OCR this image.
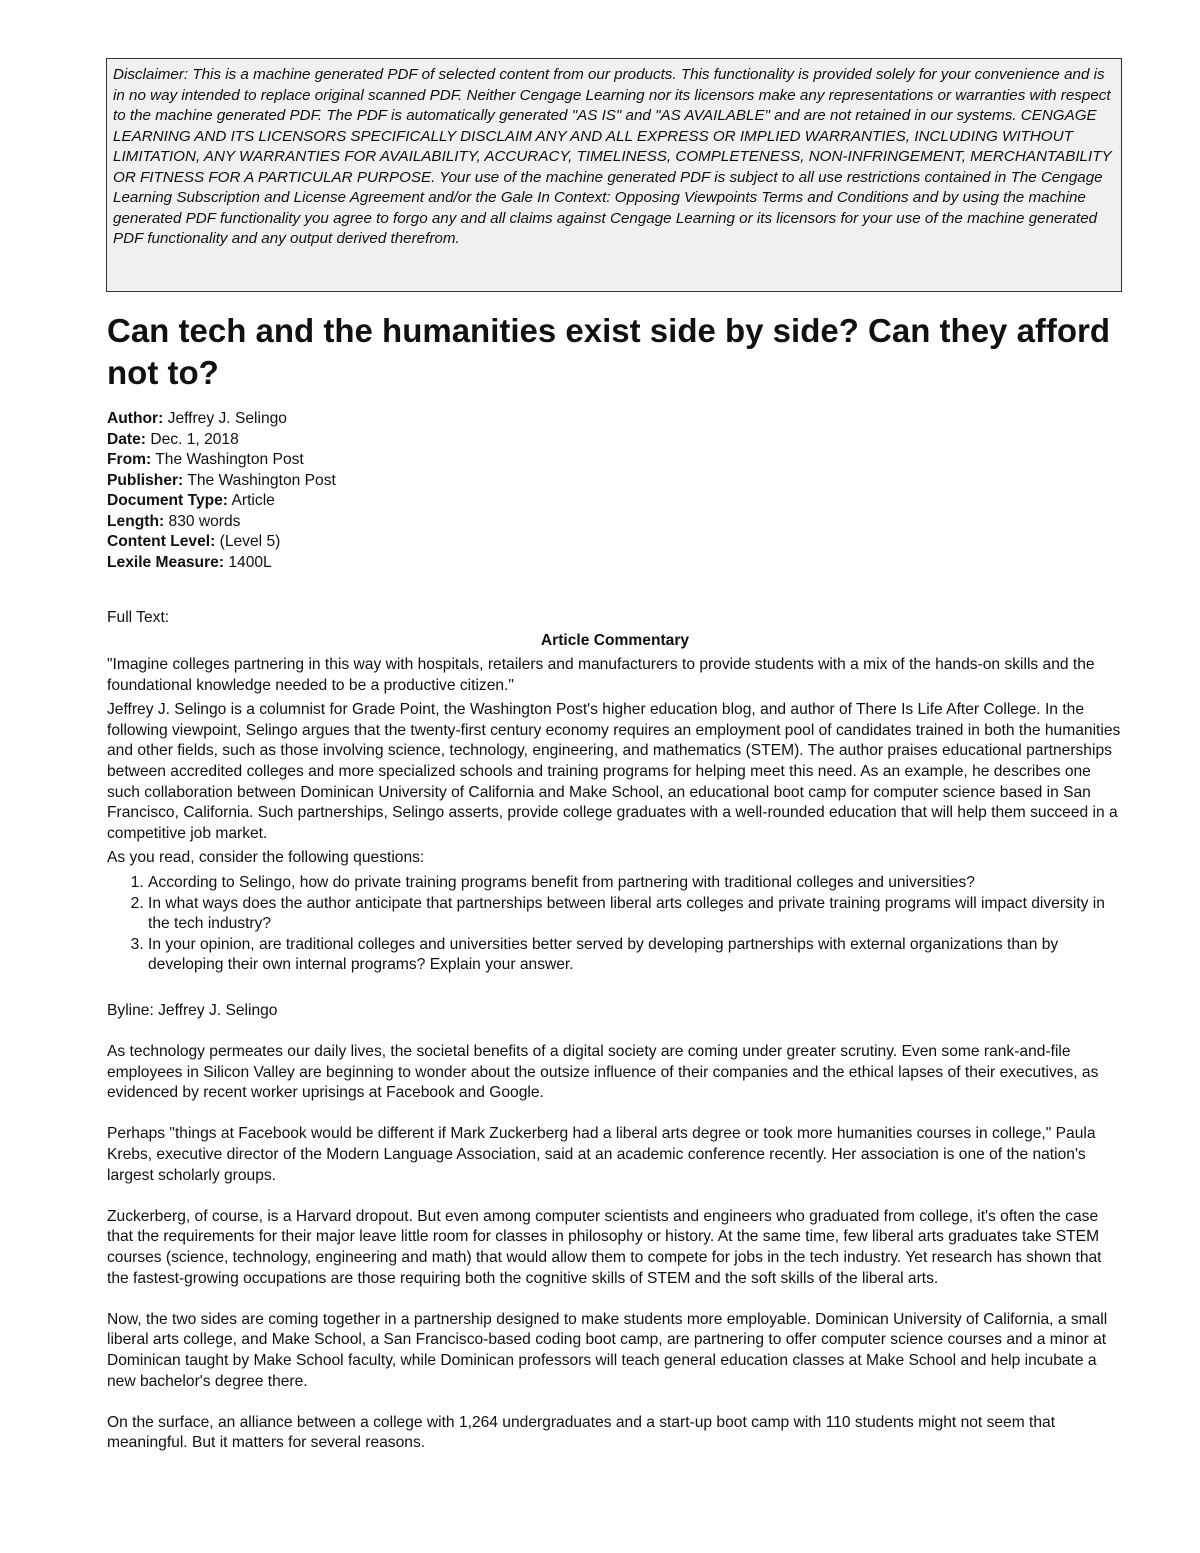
Disclaimer: This is a machine generated PDF of selected content from our products. This functionality is provided solely for your convenience and is in no way intended to replace original scanned PDF. Neither Cengage Learning nor its licensors make any representations or warranties with respect to the machine generated PDF. The PDF is automatically generated "AS IS" and "AS AVAILABLE" and are not retained in our systems. CENGAGE LEARNING AND ITS LICENSORS SPECIFICALLY DISCLAIM ANY AND ALL EXPRESS OR IMPLIED WARRANTIES, INCLUDING WITHOUT LIMITATION, ANY WARRANTIES FOR AVAILABILITY, ACCURACY, TIMELINESS, COMPLETENESS, NON-INFRINGEMENT, MERCHANTABILITY OR FITNESS FOR A PARTICULAR PURPOSE. Your use of the machine generated PDF is subject to all use restrictions contained in The Cengage Learning Subscription and License Agreement and/or the Gale In Context: Opposing Viewpoints Terms and Conditions and by using the machine generated PDF functionality you agree to forgo any and all claims against Cengage Learning or its licensors for your use of the machine generated PDF functionality and any output derived therefrom.
Can tech and the humanities exist side by side? Can they afford not to?
Author: Jeffrey J. Selingo
Date: Dec. 1, 2018
From: The Washington Post
Publisher: The Washington Post
Document Type: Article
Length: 830 words
Content Level: (Level 5)
Lexile Measure: 1400L
Full Text:
Article Commentary

"Imagine colleges partnering in this way with hospitals, retailers and manufacturers to provide students with a mix of the hands-on skills and the foundational knowledge needed to be a productive citizen."

Jeffrey J. Selingo is a columnist for Grade Point, the Washington Post's higher education blog, and author of There Is Life After College. In the following viewpoint, Selingo argues that the twenty-first century economy requires an employment pool of candidates trained in both the humanities and other fields, such as those involving science, technology, engineering, and mathematics (STEM). The author praises educational partnerships between accredited colleges and more specialized schools and training programs for helping meet this need. As an example, he describes one such collaboration between Dominican University of California and Make School, an educational boot camp for computer science based in San Francisco, California. Such partnerships, Selingo asserts, provide college graduates with a well-rounded education that will help them succeed in a competitive job market.

As you read, consider the following questions:

1. According to Selingo, how do private training programs benefit from partnering with traditional colleges and universities?
2. In what ways does the author anticipate that partnerships between liberal arts colleges and private training programs will impact diversity in the tech industry?
3. In your opinion, are traditional colleges and universities better served by developing partnerships with external organizations than by developing their own internal programs? Explain your answer.
Byline: Jeffrey J. Selingo

As technology permeates our daily lives, the societal benefits of a digital society are coming under greater scrutiny. Even some rank-and-file employees in Silicon Valley are beginning to wonder about the outsize influence of their companies and the ethical lapses of their executives, as evidenced by recent worker uprisings at Facebook and Google.

Perhaps "things at Facebook would be different if Mark Zuckerberg had a liberal arts degree or took more humanities courses in college," Paula Krebs, executive director of the Modern Language Association, said at an academic conference recently. Her association is one of the nation's largest scholarly groups.

Zuckerberg, of course, is a Harvard dropout. But even among computer scientists and engineers who graduated from college, it's often the case that the requirements for their major leave little room for classes in philosophy or history. At the same time, few liberal arts graduates take STEM courses (science, technology, engineering and math) that would allow them to compete for jobs in the tech industry. Yet research has shown that the fastest-growing occupations are those requiring both the cognitive skills of STEM and the soft skills of the liberal arts.

Now, the two sides are coming together in a partnership designed to make students more employable. Dominican University of California, a small liberal arts college, and Make School, a San Francisco-based coding boot camp, are partnering to offer computer science courses and a minor at Dominican taught by Make School faculty, while Dominican professors will teach general education classes at Make School and help incubate a new bachelor's degree there.

On the surface, an alliance between a college with 1,264 undergraduates and a start-up boot camp with 110 students might not seem that meaningful. But it matters for several reasons.
